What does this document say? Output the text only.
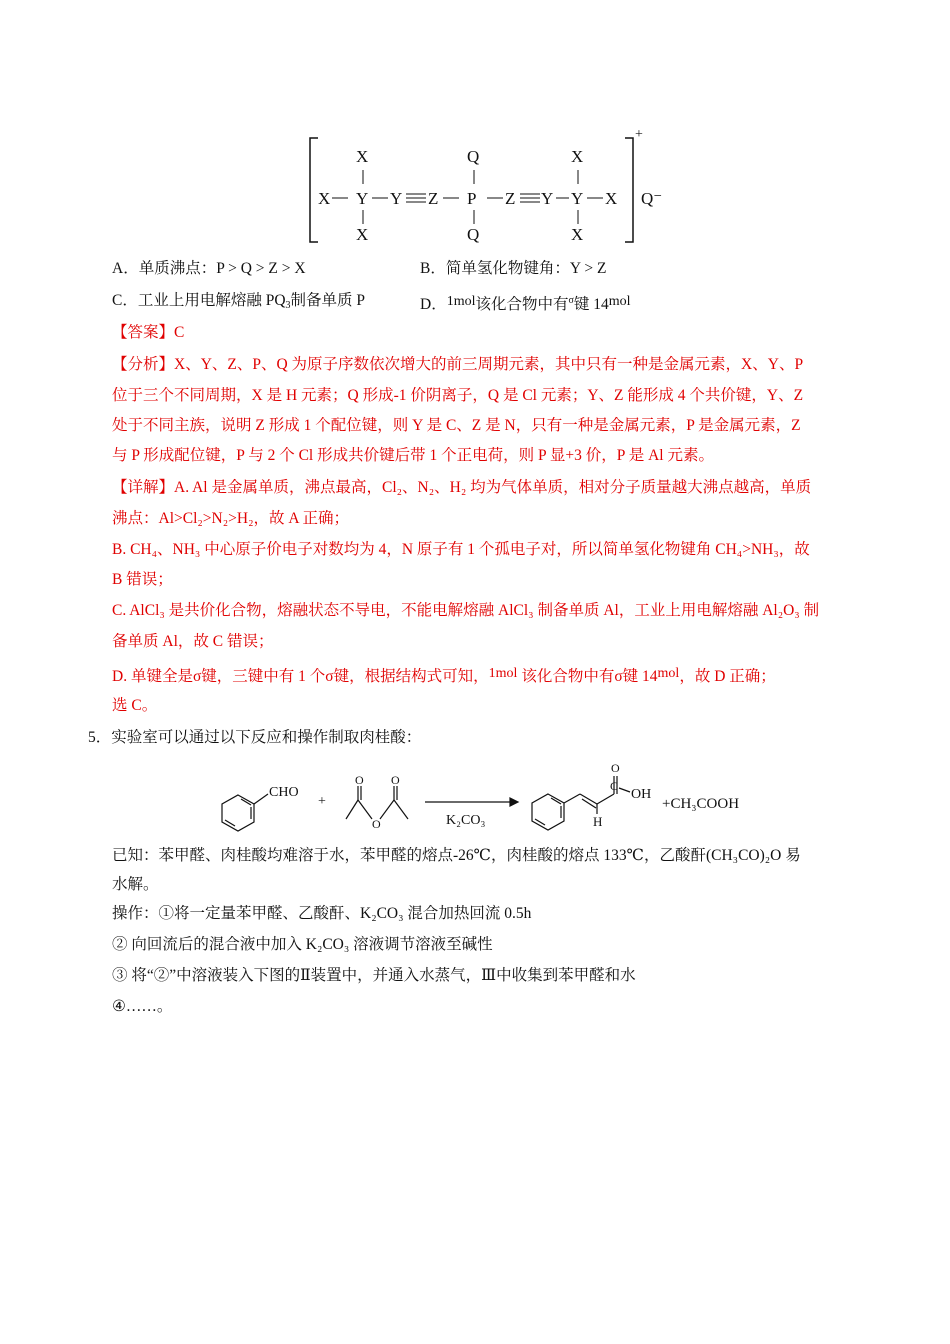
+
Q⁻
X	Q	X
X Y Y Z P Z Y Y X
X	Q	X
A．单质沸点：P > Q > Z > X	B．简单氢化物键角：Y > Z
C．工业上用电解熔融 $PQ_3$制备单质 P	D．1mol该化合物中有$^\sigma$键 14mol
【答案】C
【分析】X、Y、Z、P、Q 为原子序数依次增大的前三周期元素，其中只有一种是金属元素，X、Y、P
位于三个不同周期，X 是 H 元素；Q 形成-1 价阴离子，Q 是 Cl 元素；Y、Z 能形成 4 个共价键，Y、Z
处于不同主族，说明 Z 形成 1 个配位键，则 Y 是 C、Z 是 N，只有一种是金属元素，P 是金属元素，Z
与 P 形成配位键，P 与 2 个 Cl 形成共价键后带 1 个正电荷，则 P 显+3 价，P 是 Al 元素。
【详解】A. Al 是金属单质，沸点最高，Cl₂、N₂、H₂ 均为气体单质，相对分子质量越大沸点越高，单质
沸点：Al>Cl₂>N₂>H₂，故 A 正确；
B. CH₄、NH₃ 中心原子价电子对数均为 4，N 原子有 1 个孤电子对，所以简单氢化物键角 CH₄>NH₃，故
B 错误；
C. AlCl₃ 是共价化合物，熔融状态不导电，不能电解熔融 AlCl₃ 制备单质 Al，工业上用电解熔融 Al₂O₃ 制
备单质 Al，故 C 错误；
D. 单键全是σ键，三键中有 1 个σ键，根据结构式可知，1mol 该化合物中有σ键 14mol，故 D 正确；
选 C。
5．实验室可以通过以下反应和操作制取肉桂酸：
CHO
+
O O
O	K₂CO₃
O
C
OH
H
+CH₃COOH
已知：苯甲醛、肉桂酸均难溶于水，苯甲醛的熔点-26℃，肉桂酸的熔点 133℃，乙酸酐(CH₃CO)₂O 易
水解。
操作：①将一定量苯甲醛、乙酸酐、K₂CO₃ 混合加热回流 0.5h
② 向回流后的混合液中加入 K₂CO₃ 溶液调节溶液至碱性
③ 将“②”中溶液装入下图的Ⅱ装置中，并通入水蒸气，Ⅲ中收集到苯甲醛和水
④……。
